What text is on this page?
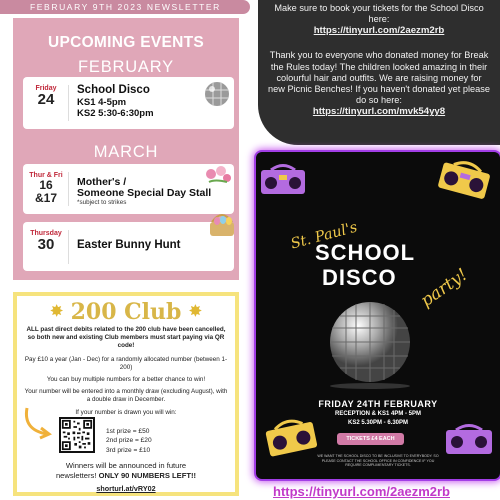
FEBRUARY 9TH 2023 NEWSLETTER
UPCOMING EVENTS
FEBRUARY
Friday
24
School Disco
KS1 4-5pm
KS2 5:30-6:30pm
MARCH
Thur & Fri
16
&17
Mother's /
Someone Special Day Stall
*subject to strikes
Thursday
30	Easter Bunny Hunt
✸ 200 Club ✸

ALL past direct debits related to the 200 club have been cancelled, so both new and existing Club members must start paying via QR code!

Pay £10 a year (Jan - Dec) for a randomly allocated number (between 1-200)

You can buy multiple numbers for a better chance to win!

Your number will be entered into a monthly draw (excluding August), with a double draw in December.

If your number is drawn you will win:

1st prize = £50
2nd prize = £20
3rd prize = £10
Winners will be announced in future
newsletters! ONLY 90 NUMBERS LEFT!!
shorturl.at/vRY02
Make sure to book your tickets for the School Disco here:
https://tinyurl.com/2aezm2rb
Thank you to everyone who donated money for Break the Rules today! The children looked amazing in their colourful hair and outfits. We are raising money for new Picnic Benches! If you haven't donated yet please do so here:
https://tinyurl.com/mvk54yy8
St. Paul's
SCHOOL
DISCO party!
FRIDAY 24TH FEBRUARY
RECEPTION & KS1 4PM - 5PM
KS2 5.30PM - 6.30PM
TICKETS £4 EACH
WE WANT THE SCHOOL DISCO TO BE INCLUSIVE TO EVERYBODY. SO PLEASE CONTACT THE SCHOOL OFFICE IN CONFIDENCE IF YOU REQUIRE COMPLIMENTARY TICKETS.
https://tinyurl.com/2aezm2rb
